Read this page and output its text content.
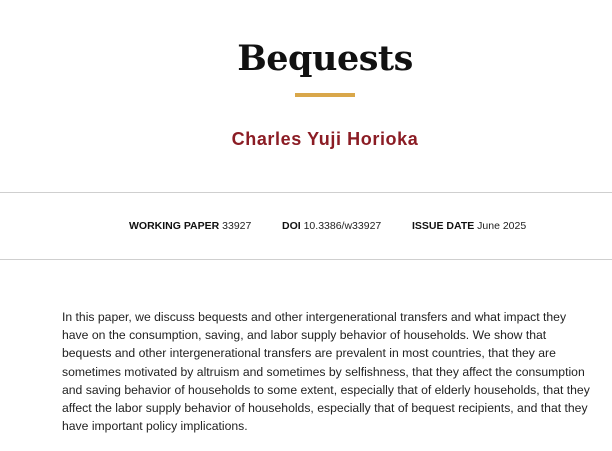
Bequests
Charles Yuji Horioka
WORKING PAPER 33927	DOI 10.3386/w33927	ISSUE DATE June 2025

In this paper, we discuss bequests and other intergenerational transfers and what impact they have on the consumption, saving, and labor supply behavior of households. We show that bequests and other intergenerational transfers are prevalent in most countries, that they are sometimes motivated by altruism and sometimes by selfishness, that they affect the consumption and saving behavior of households to some extent, especially that of elderly households, that they affect the labor supply behavior of households, especially that of bequest recipients, and that they have important policy implications.
